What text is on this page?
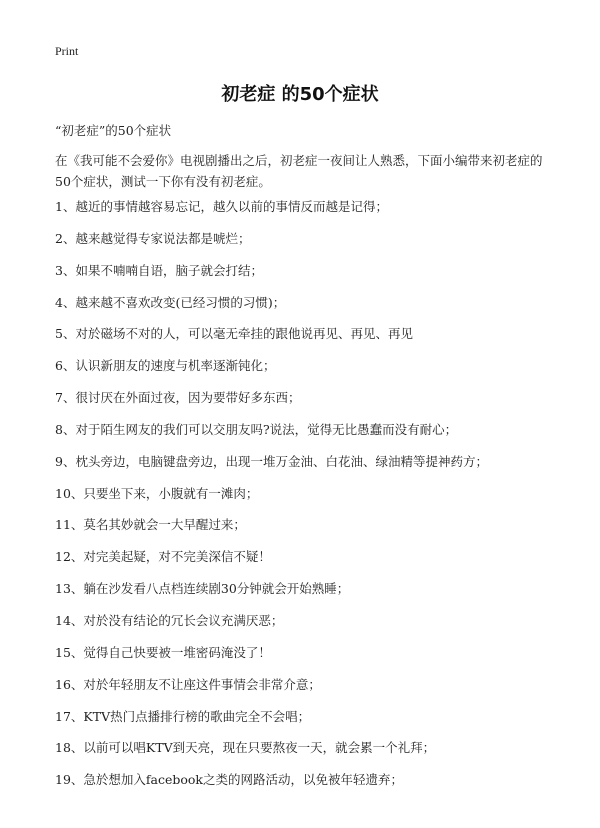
Print
初老症 的50个症状
“初老症”的50个症状
在《我可能不会爱你》电视剧播出之后，初老症一夜间让人熟悉，下面小编带来初老症的50个症状，测试一下你有没有初老症。
1、越近的事情越容易忘记，越久以前的事情反而越是记得；
2、越来越觉得专家说法都是唬烂；
3、如果不喃喃自语，脑子就会打结；
4、越来越不喜欢改变(已经习惯的习惯)；
5、对於磁场不对的人，可以毫无牵挂的跟他说再见、再见、再见
6、认识新朋友的速度与机率逐渐钝化；
7、很讨厌在外面过夜，因为要带好多东西；
8、对于陌生网友的我们可以交朋友吗?说法，觉得无比愚蠢而没有耐心；
9、枕头旁边，电脑键盘旁边，出现一堆万金油、白花油、绿油精等提神药方；
10、只要坐下来，小腹就有一滩肉；
11、莫名其妙就会一大早醒过来；
12、对完美起疑，对不完美深信不疑！
13、躺在沙发看八点档连续剧30分钟就会开始熟睡；
14、对於没有结论的冗长会议充满厌恶；
15、觉得自己快要被一堆密码淹没了！
16、对於年轻朋友不让座这件事情会非常介意；
17、KTV热门点播排行榜的歌曲完全不会唱；
18、以前可以唱KTV到天亮，现在只要熬夜一天，就会累一个礼拜；
19、急於想加入facebook之类的网路活动，以免被年轻遗弃；
